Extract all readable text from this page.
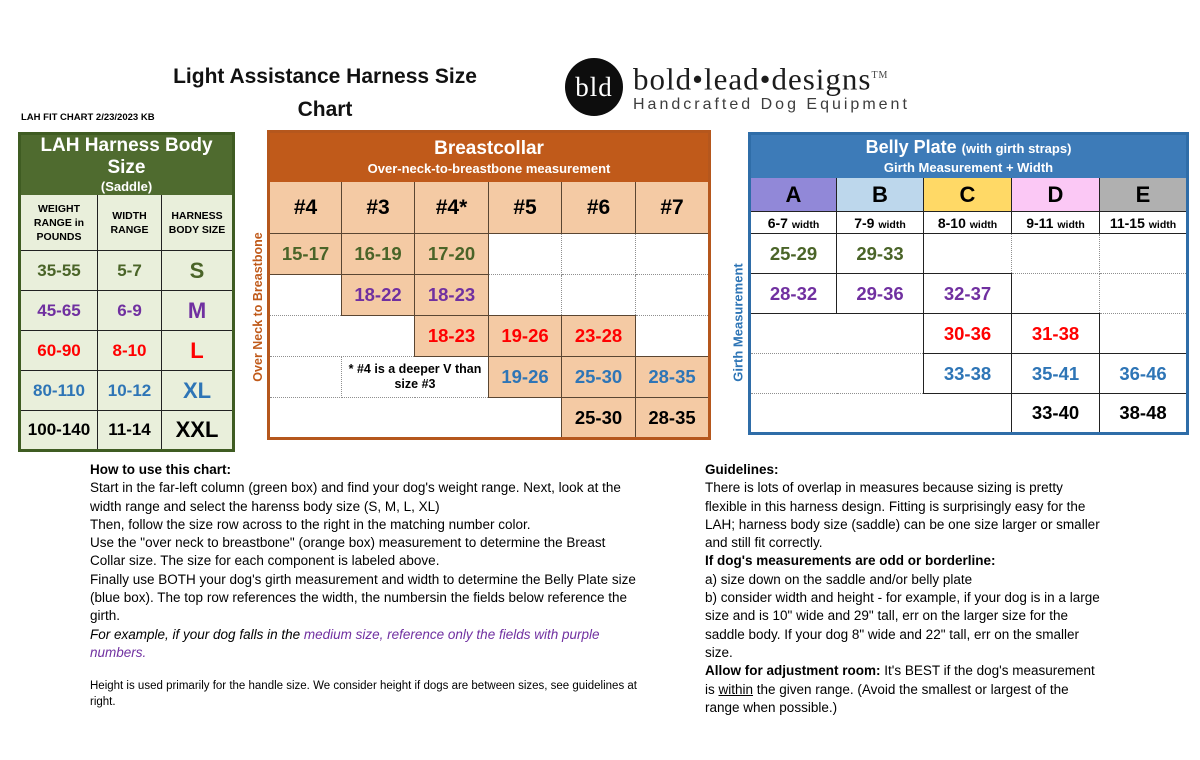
Light Assistance Harness Size
Chart
bld bold•lead•designs™
Handcrafted Dog Equipment
LAH FIT CHART 2/23/2023 KB
LAH Harness Body Size
(Saddle)		

WEIGHT RANGE in POUNDS	WIDTH RANGE	HARNESS BODY SIZE
35-55	5-7	S
45-65	6-9	M
60-90	8-10	L
80-110	10-12	XL
100-140	11-14	XXL
Over Neck to Breastbone
Breastcollar
Over-neck-to-breastbone measurement					

#4	#3	#4*	#5	#6	#7
15-17	16-19	17-20			
	18-22	18-23			
		18-23	19-26	23-28	
	* #4 is a deeper V than size #3		19-26	25-30	28-35
				25-30	28-35
Girth Measurement
Belly Plate (with girth straps)
Girth Measurement + Width				

A	B	C	D	E
6-7 width	7-9 width	8-10 width	9-11 width	11-15 width
25-29	29-33			
28-32	29-36	32-37		
		30-36	31-38	
		33-38	35-41	36-46
			33-40	38-48
How to use this chart:
Start in the far-left column (green box) and find your dog's weight range. Next, look at the width range and select the harenss body size (S, M, L, XL)
Then, follow the size row across to the right in the matching number color.
Use the "over neck to breastbone" (orange box) measurement to determine the Breast Collar size. The size for each component is labeled above.
Finally use BOTH your dog's girth measurement and width to determine the Belly Plate size (blue box). The top row references the width, the numbersin the fields below reference the girth.
For example, if your dog falls in the medium size, reference only the fields with purple numbers.
Height is used primarily for the handle size. We consider height if dogs are between sizes, see guidelines at right.
Guidelines:
There is lots of overlap in measures because sizing is pretty flexible in this harness design. Fitting is surprisingly easy for the LAH; harness body size (saddle) can be one size larger or smaller and still fit correctly.
If dog's measurements are odd or borderline:
a) size down on the saddle and/or belly plate
b) consider width and height - for example, if your dog is in a large size and is 10" wide and 29" tall, err on the larger size for the saddle body. If your dog 8" wide and 22" tall, err on the smaller size.
Allow for adjustment room: It's BEST if the dog's measurement is within the given range. (Avoid the smallest or largest of the range when possible.)
